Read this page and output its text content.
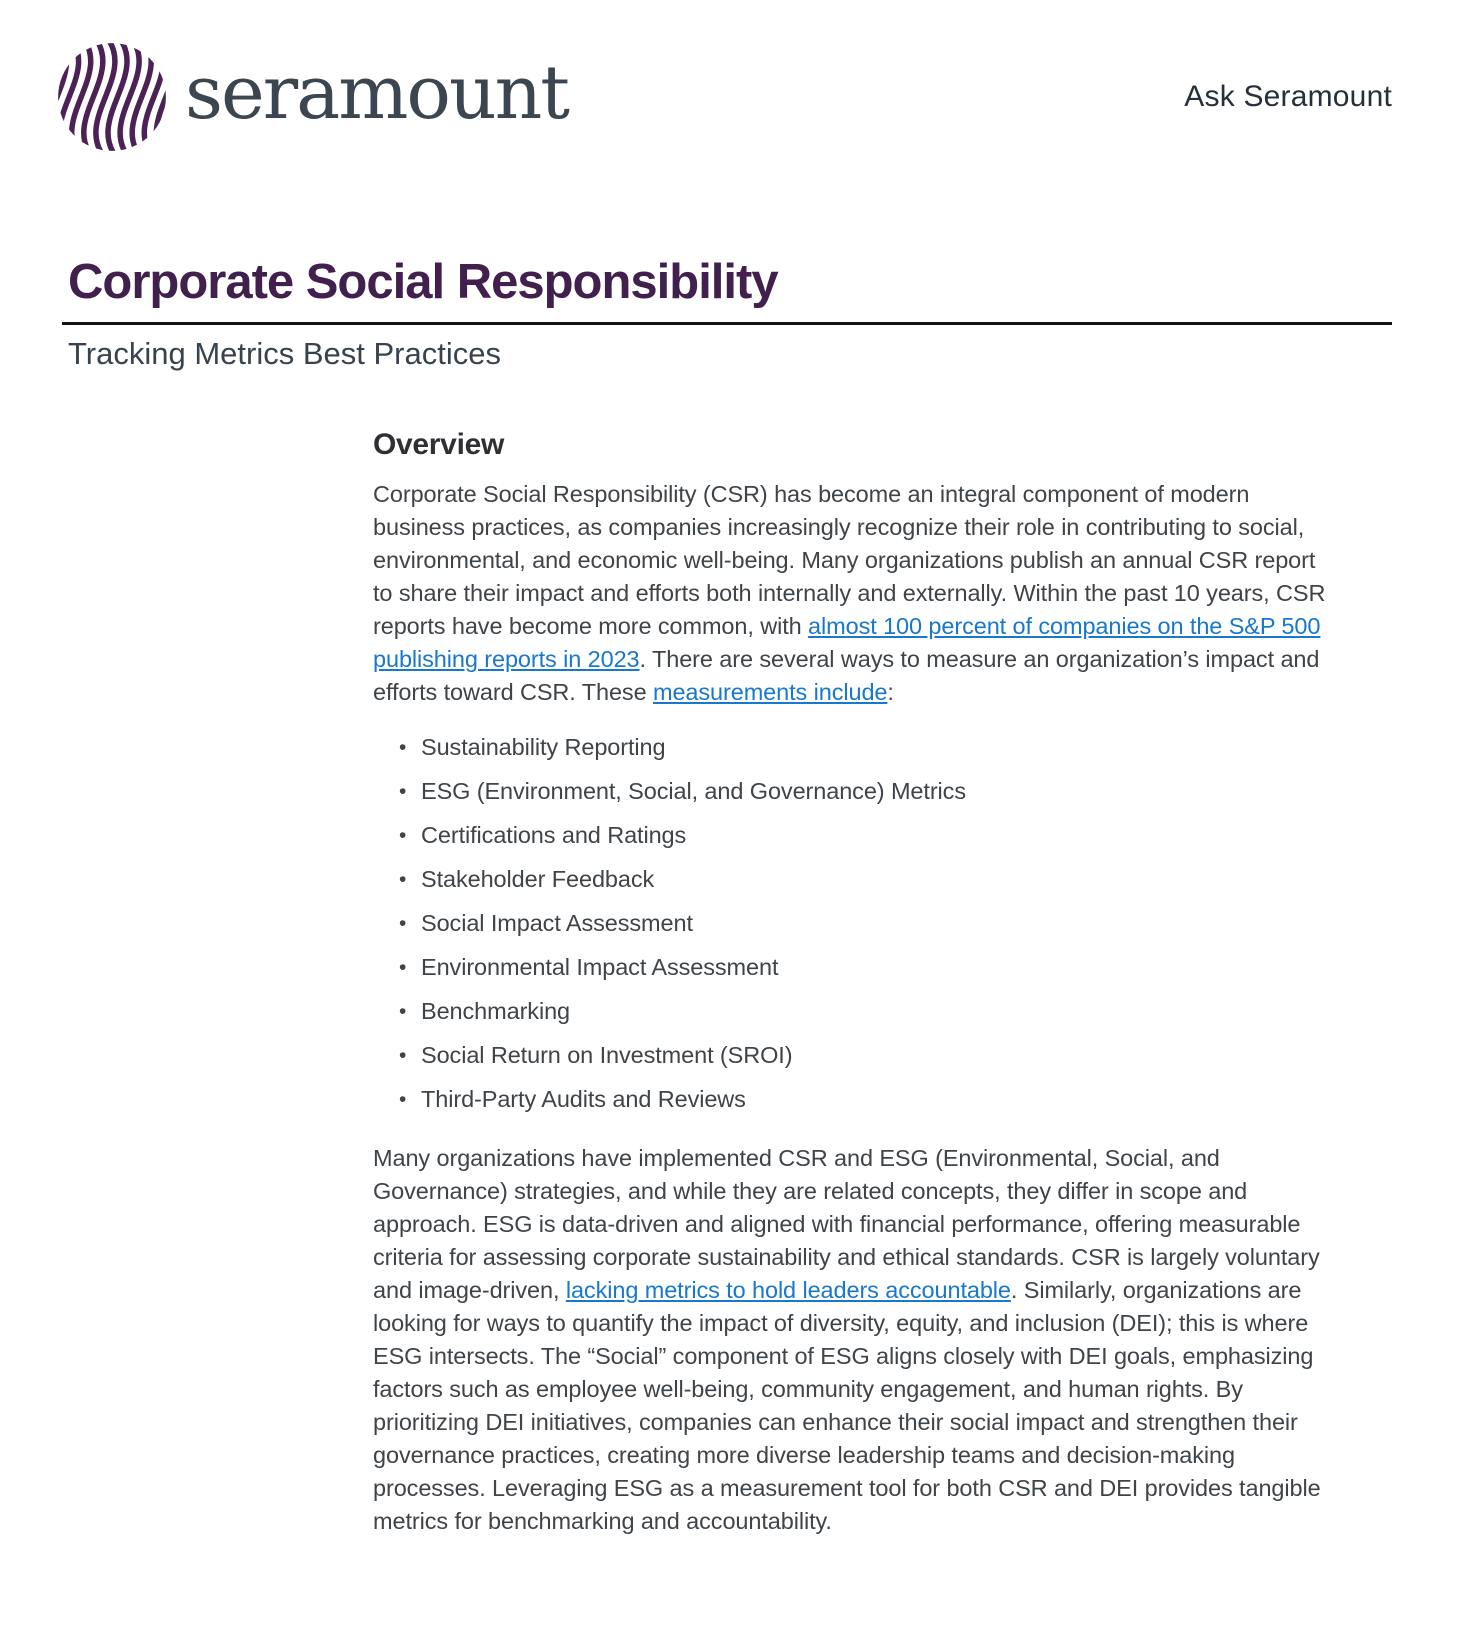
seramount	Ask Seramount
Corporate Social Responsibility
Tracking Metrics Best Practices
Overview

Corporate Social Responsibility (CSR) has become an integral component of modern business practices, as companies increasingly recognize their role in contributing to social, environmental, and economic well-being. Many organizations publish an annual CSR report to share their impact and efforts both internally and externally. Within the past 10 years, CSR reports have become more common, with almost 100 percent of companies on the S&P 500 publishing reports in 2023. There are several ways to measure an organization’s impact and efforts toward CSR. These measurements include:

• Sustainability Reporting
• ESG (Environment, Social, and Governance) Metrics
• Certifications and Ratings
• Stakeholder Feedback
• Social Impact Assessment
• Environmental Impact Assessment
• Benchmarking
• Social Return on Investment (SROI)
• Third-Party Audits and Reviews

Many organizations have implemented CSR and ESG (Environmental, Social, and Governance) strategies, and while they are related concepts, they differ in scope and approach. ESG is data-driven and aligned with financial performance, offering measurable criteria for assessing corporate sustainability and ethical standards. CSR is largely voluntary and image-driven, lacking metrics to hold leaders accountable. Similarly, organizations are looking for ways to quantify the impact of diversity, equity, and inclusion (DEI); this is where ESG intersects. The “Social” component of ESG aligns closely with DEI goals, emphasizing factors such as employee well-being, community engagement, and human rights. By prioritizing DEI initiatives, companies can enhance their social impact and strengthen their governance practices, creating more diverse leadership teams and decision-making processes. Leveraging ESG as a measurement tool for both CSR and DEI provides tangible metrics for benchmarking and accountability.
